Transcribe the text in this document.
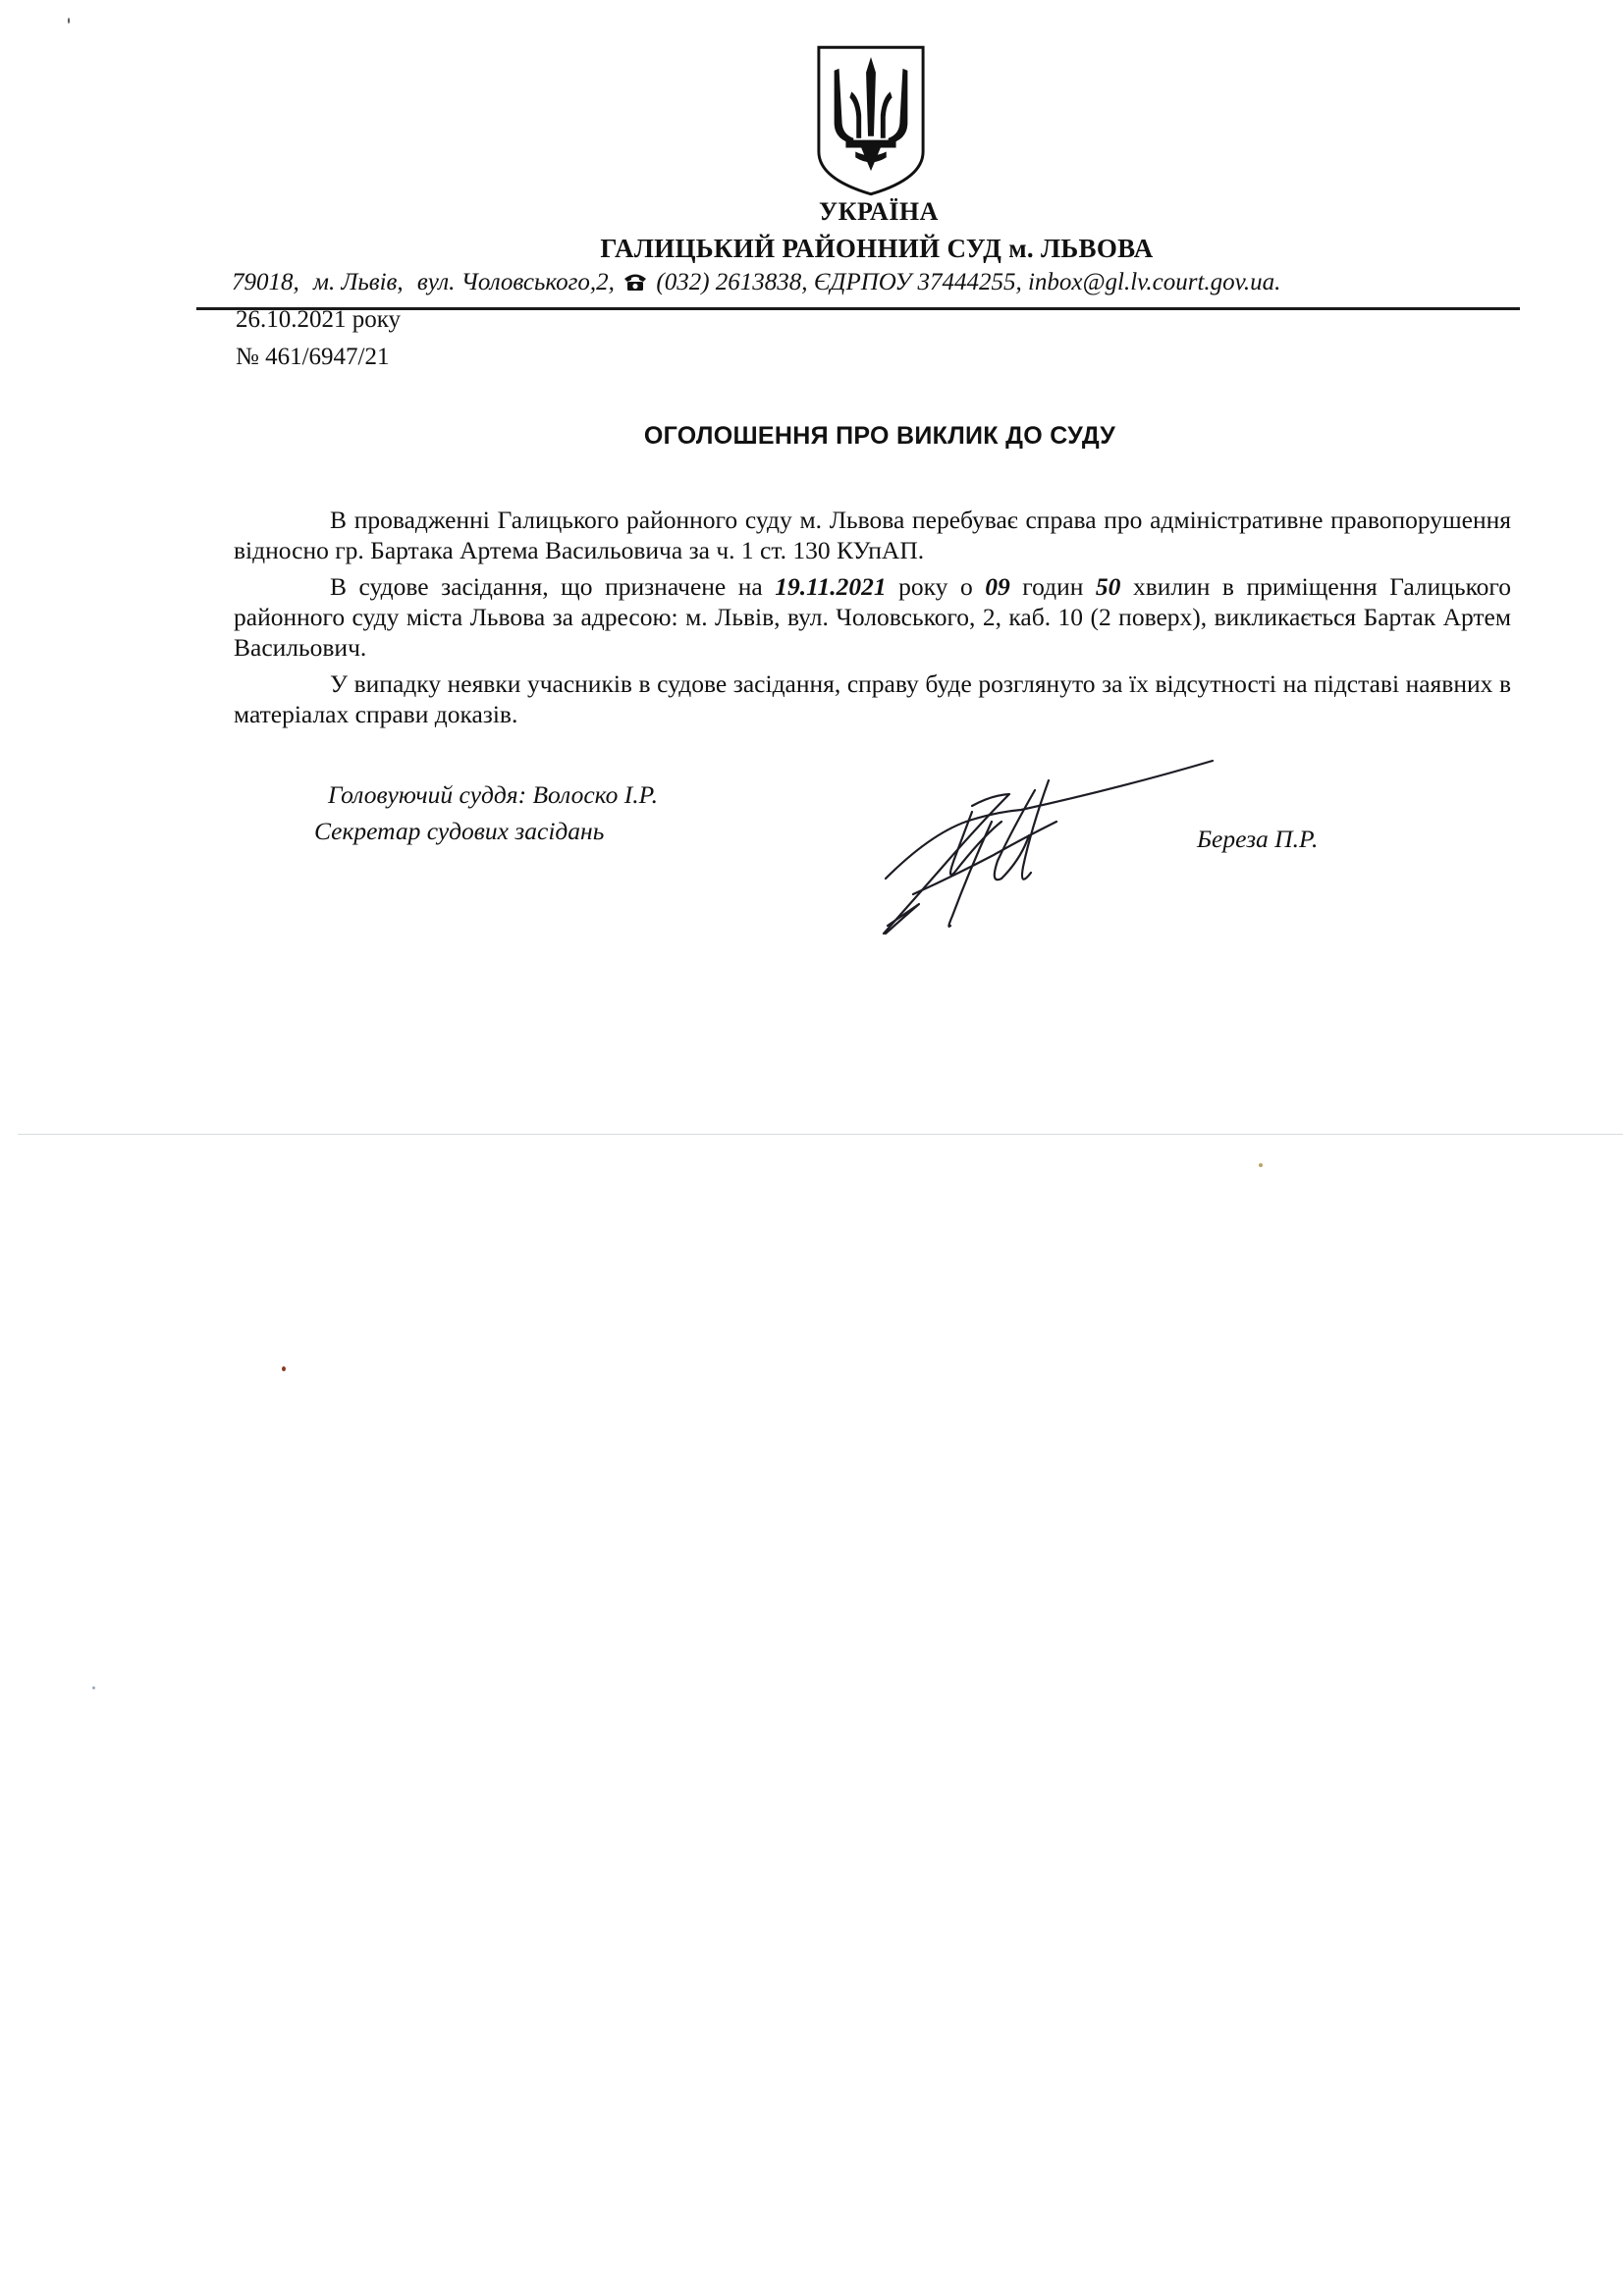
УКРАЇНА
ГАЛИЦЬКИЙ РАЙОННИЙ СУД м. ЛЬВОВА
79018, м. Львів, вул. Чоловського,2, (032) 2613838, ЄДРПОУ 37444255, inbox@gl.lv.court.gov.ua.
26.10.2021 року
№ 461/6947/21
ОГОЛОШЕННЯ ПРО ВИКЛИК ДО СУДУ

В провадженні Галицького районного суду м. Львова перебуває справа про адміністративне правопорушення відносно гр. Бартака Артема Васильовича за ч. 1 ст. 130 КУпАП.

В судове засідання, що призначене на 19.11.2021 року о 09 годин 50 хвилин в приміщення Галицького районного суду міста Львова за адресою: м. Львів, вул. Чоловського, 2, каб. 10 (2 поверх), викликається Бартак Артем Васильович.

У випадку неявки учасників в судове засідання, справу буде розглянуто за їх відсутності на підставі наявних в матеріалах справи доказів.

Головуючий суддя: Волоско І.Р.
Секретар судових засідань	Береза П.Р.
